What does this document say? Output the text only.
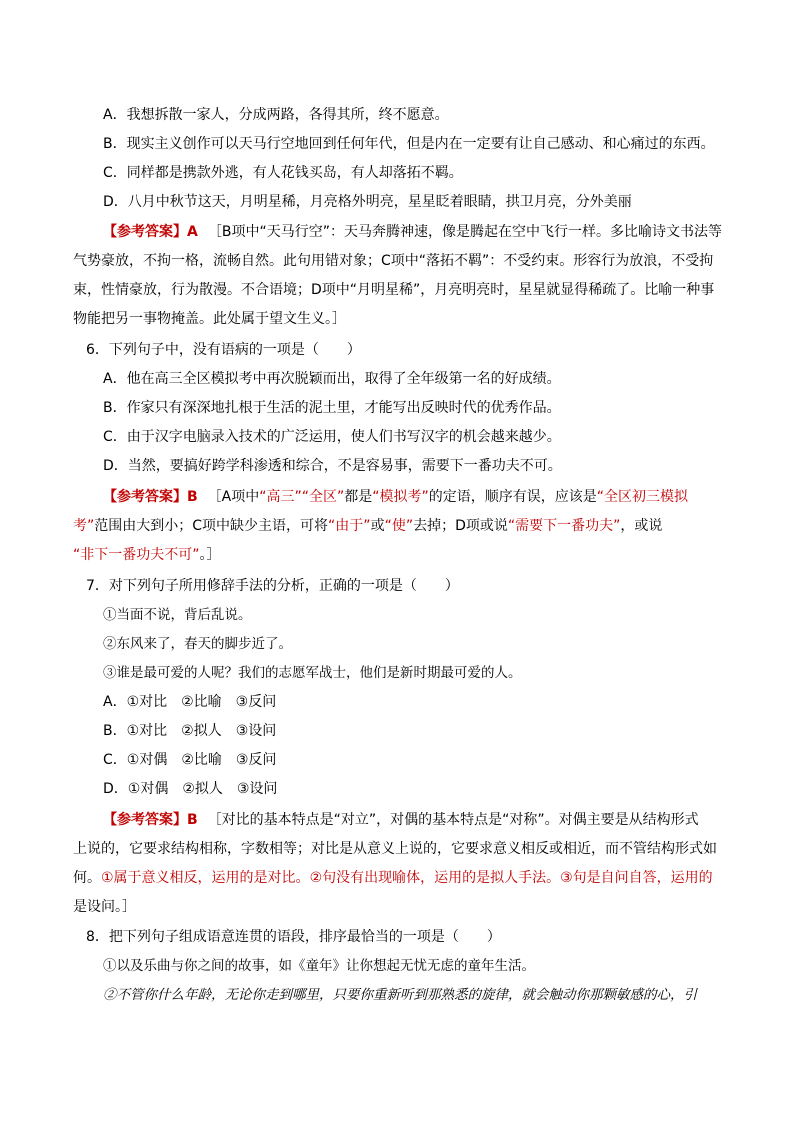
A．我想拆散一家人，分成两路，各得其所，终不愿意。
B．现实主义创作可以天马行空地回到任何年代，但是内在一定要有让自己感动、和心痛过的东西。
C．同样都是携款外逃，有人花钱买岛，有人却落拓不羁。
D．八月中秋节这天，月明星稀，月亮格外明亮，星星眨着眼睛，拱卫月亮，分外美丽
【参考答案】A ［B项中“天马行空”：天马奔腾神速，像是腾起在空中飞行一样。多比喻诗文书法等
气势豪放，不拘一格，流畅自然。此句用错对象；C项中“落拓不羁”：不受约束。形容行为放浪，不受拘
束，性情豪放，行为散漫。不合语境；D项中“月明星稀”，月亮明亮时，星星就显得稀疏了。比喻一种事
物能把另一事物掩盖。此处属于望文生义。］
6．下列句子中，没有语病的一项是（　　）
A．他在高三全区模拟考中再次脱颖而出，取得了全年级第一名的好成绩。
B．作家只有深深地扎根于生活的泥土里，才能写出反映时代的优秀作品。
C．由于汉字电脑录入技术的广泛运用，使人们书写汉字的机会越来越少。
D．当然，要搞好跨学科渗透和综合，不是容易事，需要下一番功夫不可。
【参考答案】B ［A项中“高三”“全区”都是“模拟考”的定语，顺序有误，应该是“全区初三模拟
考”范围由大到小；C项中缺少主语，可将“由于”或“使”去掉；D项或说“需要下一番功夫”，或说
“非下一番功夫不可”。］
7．对下列句子所用修辞手法的分析，正确的一项是（　　）
①当面不说，背后乱说。
②东风来了，春天的脚步近了。
③谁是最可爱的人呢？我们的志愿军战士，他们是新时期最可爱的人。
A．①对比　②比喻　③反问
B．①对比　②拟人　③设问
C．①对偶　②比喻　③反问
D．①对偶　②拟人　③设问
【参考答案】B ［对比的基本特点是“对立”，对偶的基本特点是“对称”。对偶主要是从结构形式
上说的，它要求结构相称，字数相等；对比是从意义上说的，它要求意义相反或相近，而不管结构形式如
何。①属于意义相反，运用的是对比。②句没有出现喻体，运用的是拟人手法。③句是自问自答，运用的
是设问。］
8．把下列句子组成语意连贯的语段，排序最恰当的一项是（　　）
①以及乐曲与你之间的故事，如《童年》让你想起无忧无虑的童年生活。
②不管你什么年龄，无论你走到哪里，只要你重新听到那熟悉的旋律，就会触动你那颗敏感的心，引
